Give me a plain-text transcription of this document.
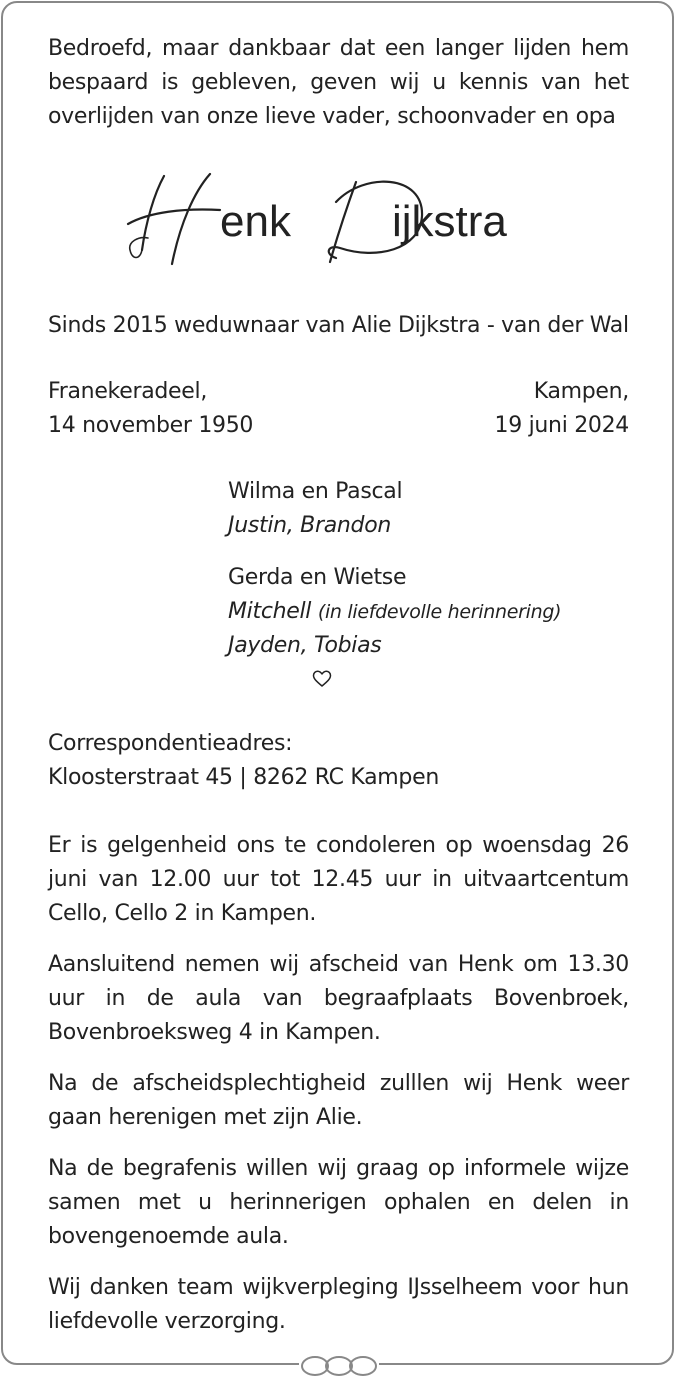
Bedroefd, maar dankbaar dat een langer lijden hem bespaard is gebleven, geven wij u kennis van het overlijden van onze lieve vader, schoonvader en opa

enk ijkstra
Sinds 2015 weduwnaar van Alie Dijkstra - van der Wal
Franekeradeel,
14 november 1950
Kampen,
19 juni 2024
Wilma en Pascal
Justin, Brandon
Gerda en Wietse
Mitchell (in liefdevolle herinnering)
Jayden, Tobias
Correspondentieadres:
Kloosterstraat 45 | 8262 RC Kampen

Er is gelgenheid ons te condoleren op woensdag 26 juni van 12.00 uur tot 12.45 uur in uitvaartcentum Cello, Cello 2 in Kampen.

Aansluitend nemen wij afscheid van Henk om 13.30 uur in de aula van begraafplaats Bovenbroek, Bovenbroeksweg 4 in Kampen.

Na de afscheidsplechtigheid zulllen wij Henk weer gaan herenigen met zijn Alie.

Na de begrafenis willen wij graag op informele wijze samen met u herinnerigen ophalen en delen in bovengenoemde aula.

Wij danken team wijkverpleging IJsselheem voor hun liefdevolle verzorging.
